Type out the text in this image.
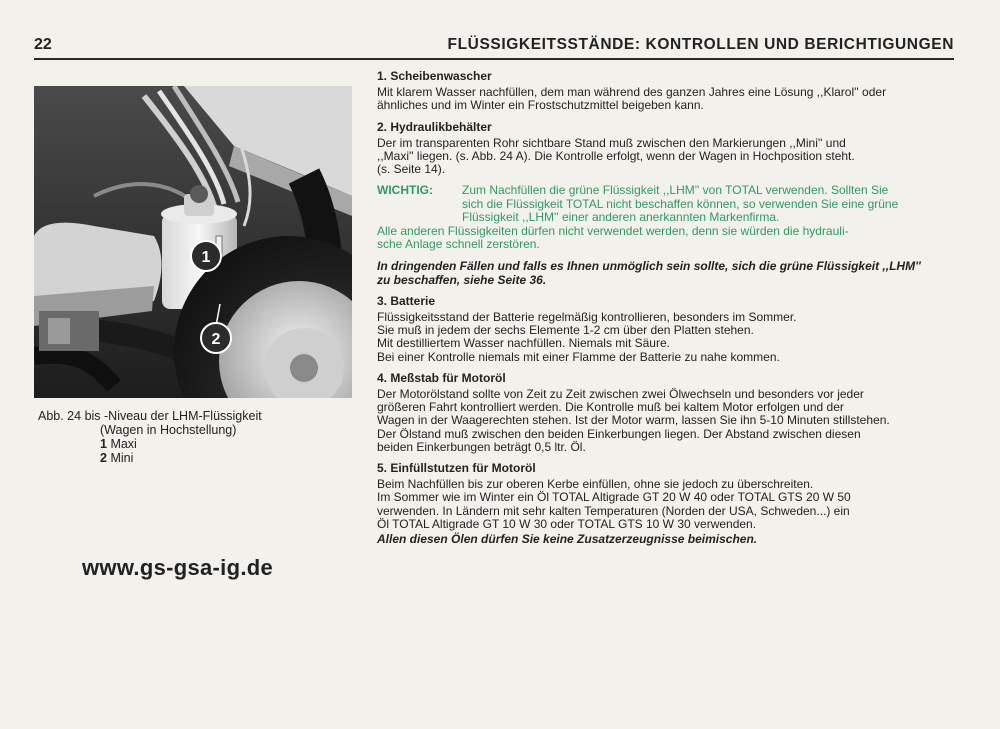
22	FLÜSSIGKEITSSTÄNDE: KONTROLLEN UND BERICHTIGUNGEN
1
2
Abb. 24 bis -Niveau der LHM-Flüssigkeit
(Wagen in Hochstellung)
1 Maxi
2 Mini
www.gs-gsa-ig.de
1. Scheibenwascher
Mit klarem Wasser nachfüllen, dem man während des ganzen Jahres eine Lösung ,,Klarol'' oder
ähnliches und im Winter ein Frostschutzmittel beigeben kann.
2. Hydraulikbehälter
Der im transparenten Rohr sichtbare Stand muß zwischen den Markierungen ,,Mini'' und
,,Maxi'' liegen. (s. Abb. 24 A). Die Kontrolle erfolgt, wenn der Wagen in Hochposition steht.
(s. Seite 14).
WICHTIG:	Zum Nachfüllen die grüne Flüssigkeit ,,LHM'' von TOTAL verwenden. Sollten Sie
sich die Flüssigkeit TOTAL nicht beschaffen können, so verwenden Sie eine grüne
Flüssigkeit ,,LHM'' einer anderen anerkannten Markenfirma.
Alle anderen Flüssigkeiten dürfen nicht verwendet werden, denn sie würden die hydrauli-
sche Anlage schnell zerstören.
In dringenden Fällen und falls es Ihnen unmöglich sein sollte, sich die grüne Flüssigkeit ,,LHM''
zu beschaffen, siehe Seite 36.
3. Batterie
Flüssigkeitsstand der Batterie regelmäßig kontrollieren, besonders im Sommer.
Sie muß in jedem der sechs Elemente 1-2 cm über den Platten stehen.
Mit destilliertem Wasser nachfüllen. Niemals mit Säure.
Bei einer Kontrolle niemals mit einer Flamme der Batterie zu nahe kommen.
4. Meßstab für Motoröl
Der Motorölstand sollte von Zeit zu Zeit zwischen zwei Ölwechseln und besonders vor jeder
größeren Fahrt kontrolliert werden. Die Kontrolle muß bei kaltem Motor erfolgen und der
Wagen in der Waagerechten stehen. Ist der Motor warm, lassen Sie ihn 5-10 Minuten stillstehen.
Der Ölstand muß zwischen den beiden Einkerbungen liegen. Der Abstand zwischen diesen
beiden Einkerbungen beträgt 0,5 ltr. Öl.
5. Einfüllstutzen für Motoröl
Beim Nachfüllen bis zur oberen Kerbe einfüllen, ohne sie jedoch zu überschreiten.
Im Sommer wie im Winter ein Öl TOTAL Altigrade GT 20 W 40 oder TOTAL GTS 20 W 50
verwenden. In Ländern mit sehr kalten Temperaturen (Norden der USA, Schweden...) ein
Öl TOTAL Altigrade GT 10 W 30 oder TOTAL GTS 10 W 30 verwenden.
Allen diesen Ölen dürfen Sie keine Zusatzerzeugnisse beimischen.
